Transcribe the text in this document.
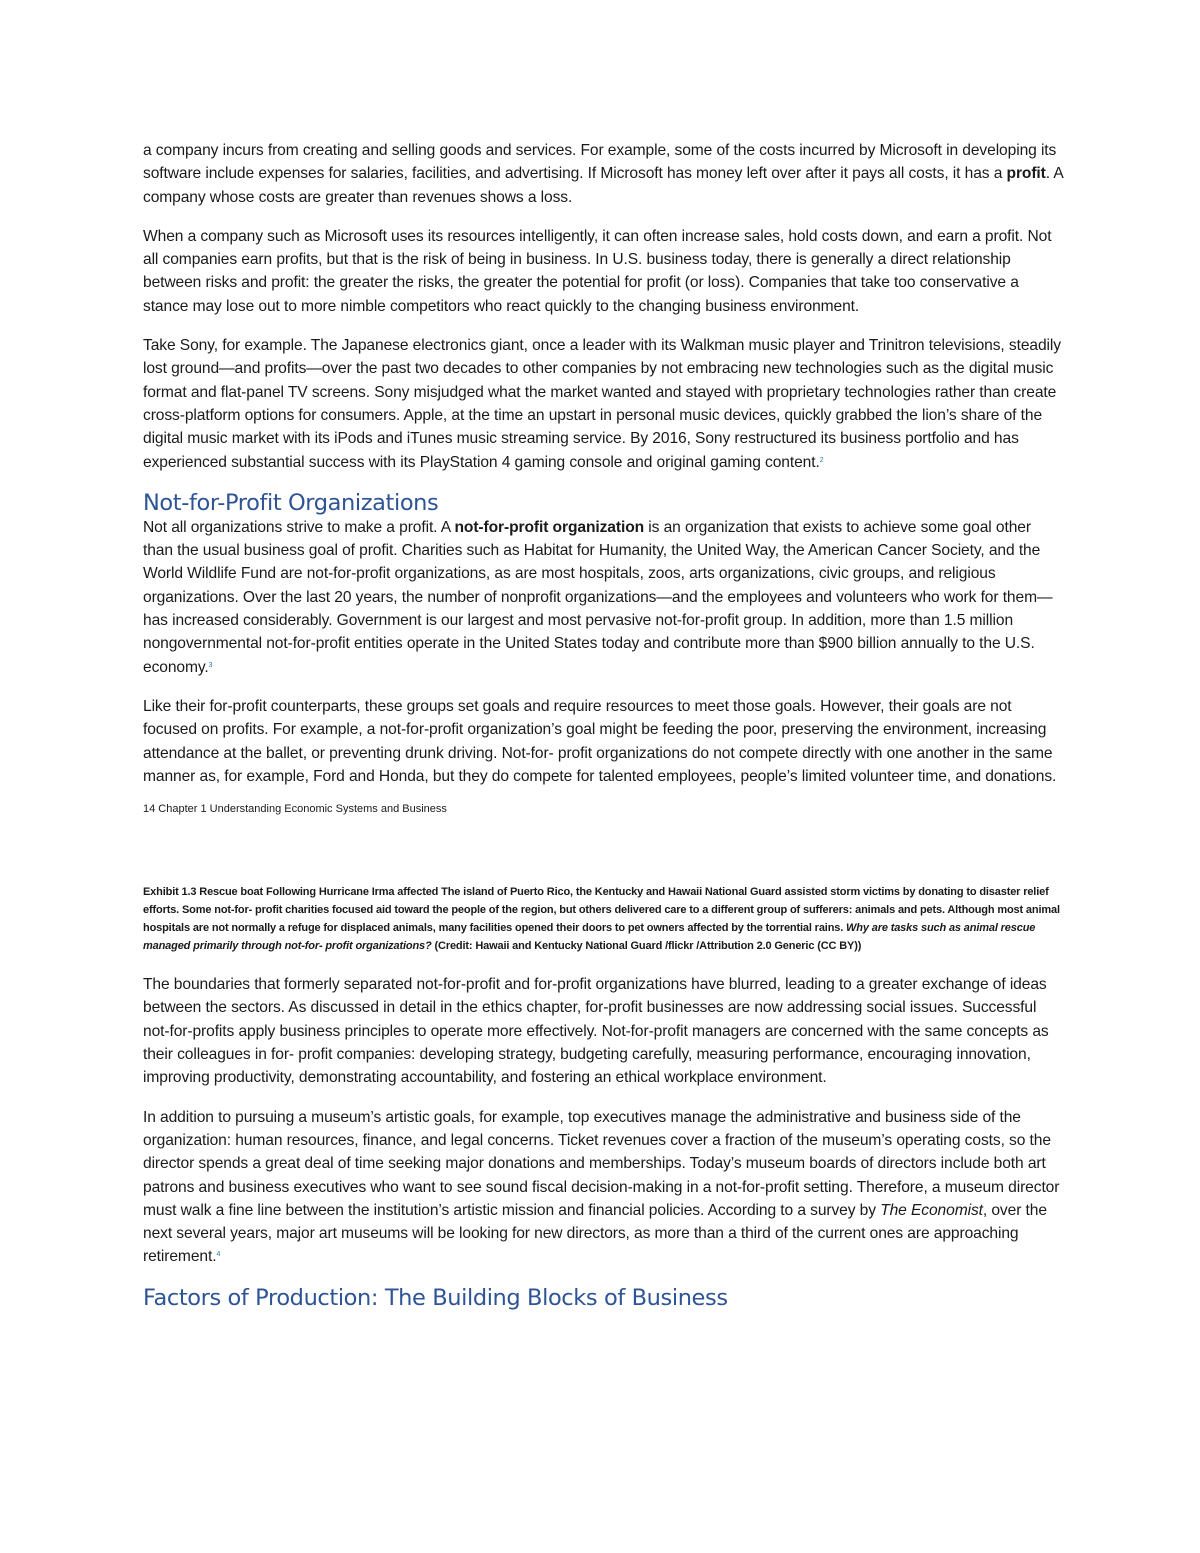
a company incurs from creating and selling goods and services. For example, some of the costs incurred by Microsoft in developing its software include expenses for salaries, facilities, and advertising. If Microsoft has money left over after it pays all costs, it has a profit. A company whose costs are greater than revenues shows a loss.

When a company such as Microsoft uses its resources intelligently, it can often increase sales, hold costs down, and earn a profit. Not all companies earn profits, but that is the risk of being in business. In U.S. business today, there is generally a direct relationship between risks and profit: the greater the risks, the greater the potential for profit (or loss). Companies that take too conservative a stance may lose out to more nimble competitors who react quickly to the changing business environment.

Take Sony, for example. The Japanese electronics giant, once a leader with its Walkman music player and Trinitron televisions, steadily lost ground—and profits—over the past two decades to other companies by not embracing new technologies such as the digital music format and flat-panel TV screens. Sony misjudged what the market wanted and stayed with proprietary technologies rather than create cross-platform options for consumers. Apple, at the time an upstart in personal music devices, quickly grabbed the lion’s share of the digital music market with its iPods and iTunes music streaming service. By 2016, Sony restructured its business portfolio and has experienced substantial success with its PlayStation 4 gaming console and original gaming content.$^2$

Not-for-Profit Organizations

Not all organizations strive to make a profit. A not-for-profit organization is an organization that exists to achieve some goal other than the usual business goal of profit. Charities such as Habitat for Humanity, the United Way, the American Cancer Society, and the World Wildlife Fund are not-for-profit organizations, as are most hospitals, zoos, arts organizations, civic groups, and religious organizations. Over the last 20 years, the number of nonprofit organizations—and the employees and volunteers who work for them—has increased considerably. Government is our largest and most pervasive not-for-profit group. In addition, more than 1.5 million nongovernmental not-for-profit entities operate in the United States today and contribute more than $900 billion annually to the U.S. economy.$^3$

Like their for-profit counterparts, these groups set goals and require resources to meet those goals. However, their goals are not focused on profits. For example, a not-for-profit organization’s goal might be feeding the poor, preserving the environment, increasing attendance at the ballet, or preventing drunk driving. Not-for- profit organizations do not compete directly with one another in the same manner as, for example, Ford and Honda, but they do compete for talented employees, people’s limited volunteer time, and donations.

14 Chapter 1 Understanding Economic Systems and Business
Exhibit 1.3 Rescue boat Following Hurricane Irma affected The island of Puerto Rico, the Kentucky and Hawaii National Guard assisted storm victims by donating to disaster relief efforts. Some not-for- profit charities focused aid toward the people of the region, but others delivered care to a different group of sufferers: animals and pets. Although most animal hospitals are not normally a refuge for displaced animals, many facilities opened their doors to pet owners affected by the torrential rains. Why are tasks such as animal rescue managed primarily through not-for- profit organizations? (Credit: Hawaii and Kentucky National Guard /flickr /Attribution 2.0 Generic (CC BY))

The boundaries that formerly separated not-for-profit and for-profit organizations have blurred, leading to a greater exchange of ideas between the sectors. As discussed in detail in the ethics chapter, for-profit businesses are now addressing social issues. Successful not-for-profits apply business principles to operate more effectively. Not-for-profit managers are concerned with the same concepts as their colleagues in for- profit companies: developing strategy, budgeting carefully, measuring performance, encouraging innovation, improving productivity, demonstrating accountability, and fostering an ethical workplace environment.

In addition to pursuing a museum’s artistic goals, for example, top executives manage the administrative and business side of the organization: human resources, finance, and legal concerns. Ticket revenues cover a fraction of the museum’s operating costs, so the director spends a great deal of time seeking major donations and memberships. Today’s museum boards of directors include both art patrons and business executives who want to see sound fiscal decision-making in a not-for-profit setting. Therefore, a museum director must walk a fine line between the institution’s artistic mission and financial policies. According to a survey by The Economist, over the next several years, major art museums will be looking for new directors, as more than a third of the current ones are approaching retirement.$^4$

Factors of Production: The Building Blocks of Business
